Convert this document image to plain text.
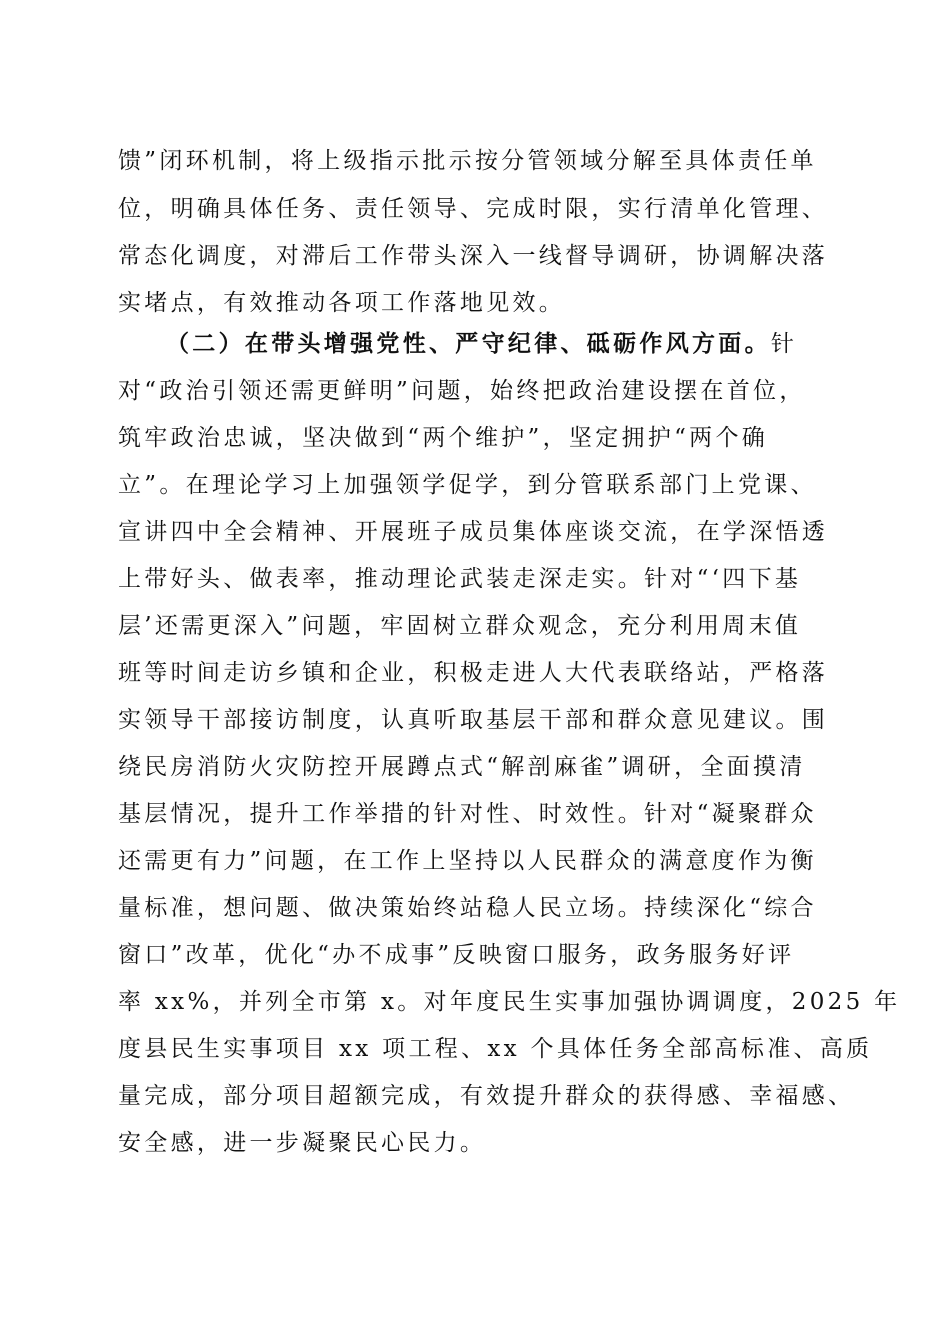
馈”闭环机制，将上级指示批示按分管领域分解至具体责任单

位，明确具体任务、责任领导、完成时限，实行清单化管理、

常态化调度，对滞后工作带头深入一线督导调研，协调解决落

实堵点，有效推动各项工作落地见效。

（二）在带头增强党性、严守纪律、砥砺作风方面。针

对“政治引领还需更鲜明”问题，始终把政治建设摆在首位，

筑牢政治忠诚，坚决做到“两个维护”，坚定拥护“两个确

立”。在理论学习上加强领学促学，到分管联系部门上党课、

宣讲四中全会精神、开展班子成员集体座谈交流，在学深悟透

上带好头、做表率，推动理论武装走深走实。针对“‘四下基

层’还需更深入”问题，牢固树立群众观念，充分利用周末值

班等时间走访乡镇和企业，积极走进人大代表联络站，严格落

实领导干部接访制度，认真听取基层干部和群众意见建议。围

绕民房消防火灾防控开展蹲点式“解剖麻雀”调研，全面摸清

基层情况，提升工作举措的针对性、时效性。针对“凝聚群众

还需更有力”问题，在工作上坚持以人民群众的满意度作为衡

量标准，想问题、做决策始终站稳人民立场。持续深化“综合

窗口”改革，优化“办不成事”反映窗口服务，政务服务好评

率 xx%，并列全市第 x。对年度民生实事加强协调调度，2025 年

度县民生实事项目 xx 项工程、xx 个具体任务全部高标准、高质

量完成，部分项目超额完成，有效提升群众的获得感、幸福感、

安全感，进一步凝聚民心民力。
